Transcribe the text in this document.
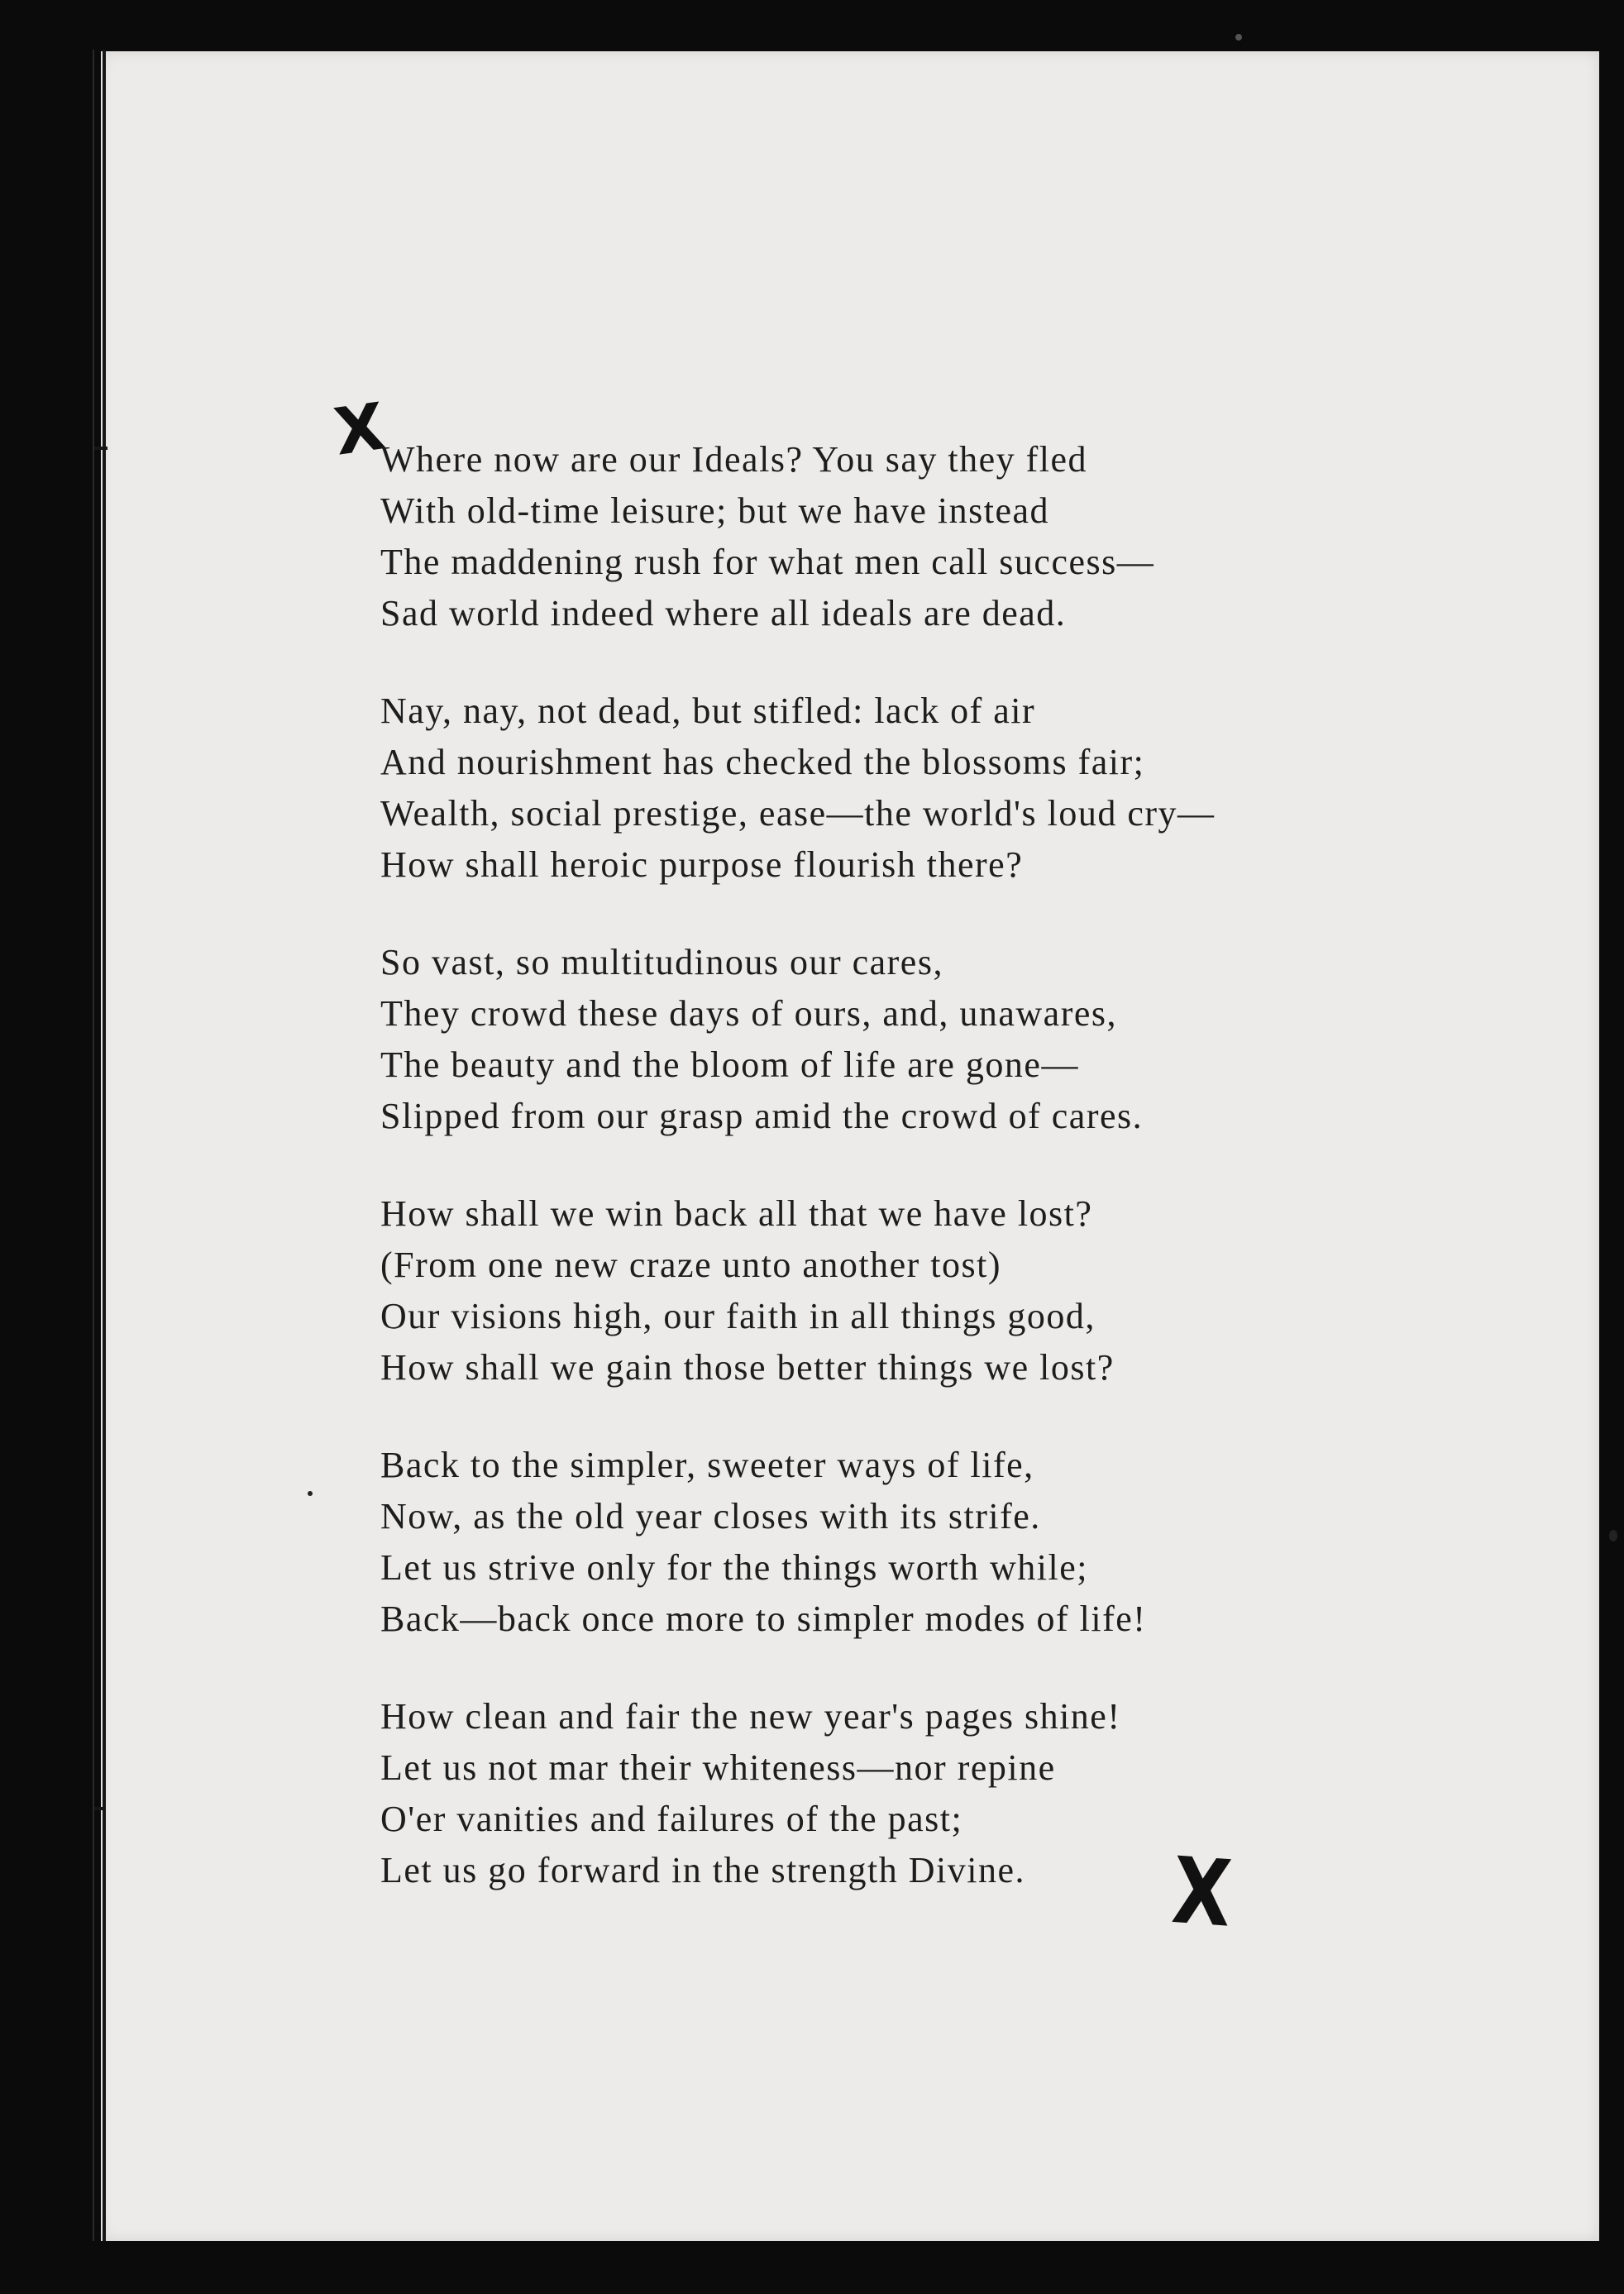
X
X
Where now are our Ideals? You say they fled
With old-time leisure; but we have instead
The maddening rush for what men call success—
Sad world indeed where all ideals are dead.
Nay, nay, not dead, but stifled: lack of air
And nourishment has checked the blossoms fair;
Wealth, social prestige, ease—the world's loud cry—
How shall heroic purpose flourish there?
So vast, so multitudinous our cares,
They crowd these days of ours, and, unawares,
The beauty and the bloom of life are gone—
Slipped from our grasp amid the crowd of cares.
How shall we win back all that we have lost?
(From one new craze unto another tost)
Our visions high, our faith in all things good,
How shall we gain those better things we lost?
Back to the simpler, sweeter ways of life,
Now, as the old year closes with its strife.
Let us strive only for the things worth while;
Back—back once more to simpler modes of life!
How clean and fair the new year's pages shine!
Let us not mar their whiteness—nor repine
O'er vanities and failures of the past;
Let us go forward in the strength Divine.
